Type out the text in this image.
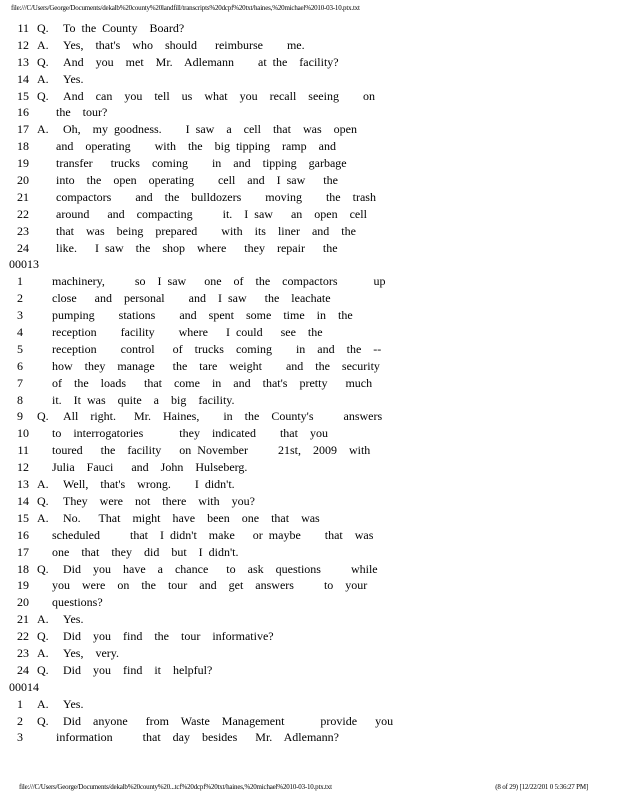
file:///C/Users/George/Documents/dekalb%20county%20landfill/transcripts%20dcpf%20txt/haines,%20michael%2010-03-10.ptx.txt
11 Q. To the County  Board?
12 A. Yes,  that's  who  should   reimburse    me.
13 Q. And  you  met  Mr.  Adlemann    at the  facility?
14 A. Yes.
15 Q. And  can  you  tell  us  what  you  recall  seeing    on
16 the  tour?
17 A. Oh,  my goodness.    I saw  a  cell  that  was  open
18 and  operating    with  the  big tipping  ramp  and
19 transfer   trucks  coming    in  and  tipping  garbage
20 into  the  open  operating    cell  and  I saw   the
21 compactors    and  the  bulldozers    moving    the  trash
22 around   and  compacting     it.  I saw   an  open  cell
23 that  was  being  prepared    with  its  liner  and  the
24 like.   I saw  the  shop  where   they  repair   the
00013
1 machinery,     so  I saw   one  of  the  compactors      up
2 close   and  personal    and  I saw   the  leachate
3 pumping    stations    and  spent  some  time  in  the
4 reception    facility    where   I could   see  the
5 reception    control   of  trucks  coming    in  and  the  --
6 how  they  manage   the  tare  weight    and  the  security
7 of  the  loads   that  come  in  and  that's  pretty   much
8 it.  It was  quite  a  big  facility.
9 Q. All  right.   Mr.  Haines,    in  the  County's     answers
10 to  interrogatories      they  indicated    that  you
11 toured   the  facility   on November     21st,  2009  with
12 Julia  Fauci   and  John  Hulseberg.
13 A. Well,  that's  wrong.    I didn't.
14 Q. They  were  not  there  with  you?
15 A. No.   That  might  have  been  one  that  was
16 scheduled     that  I didn't  make   or maybe    that  was
17 one  that  they  did  but  I didn't.
18 Q. Did  you  have  a  chance   to  ask  questions     while
19 you  were  on  the  tour  and  get  answers     to  your
20 questions?
21 A. Yes.
22 Q. Did  you  find  the  tour  informative?
23 A. Yes,  very.
24 Q. Did  you  find  it  helpful?
00014
1 A. Yes.
2 Q. Did  anyone   from  Waste  Management      provide   you
3	information     that  day  besides   Mr.  Adlemann?
file:///C/Users/George/Documents/dekalb%20county%20...tcf%20dcpf%20txt/haines,%20michael%2010-03-10.ptx.txt	(8 of 29) [12/22/201 0 5:36:27 PM]
